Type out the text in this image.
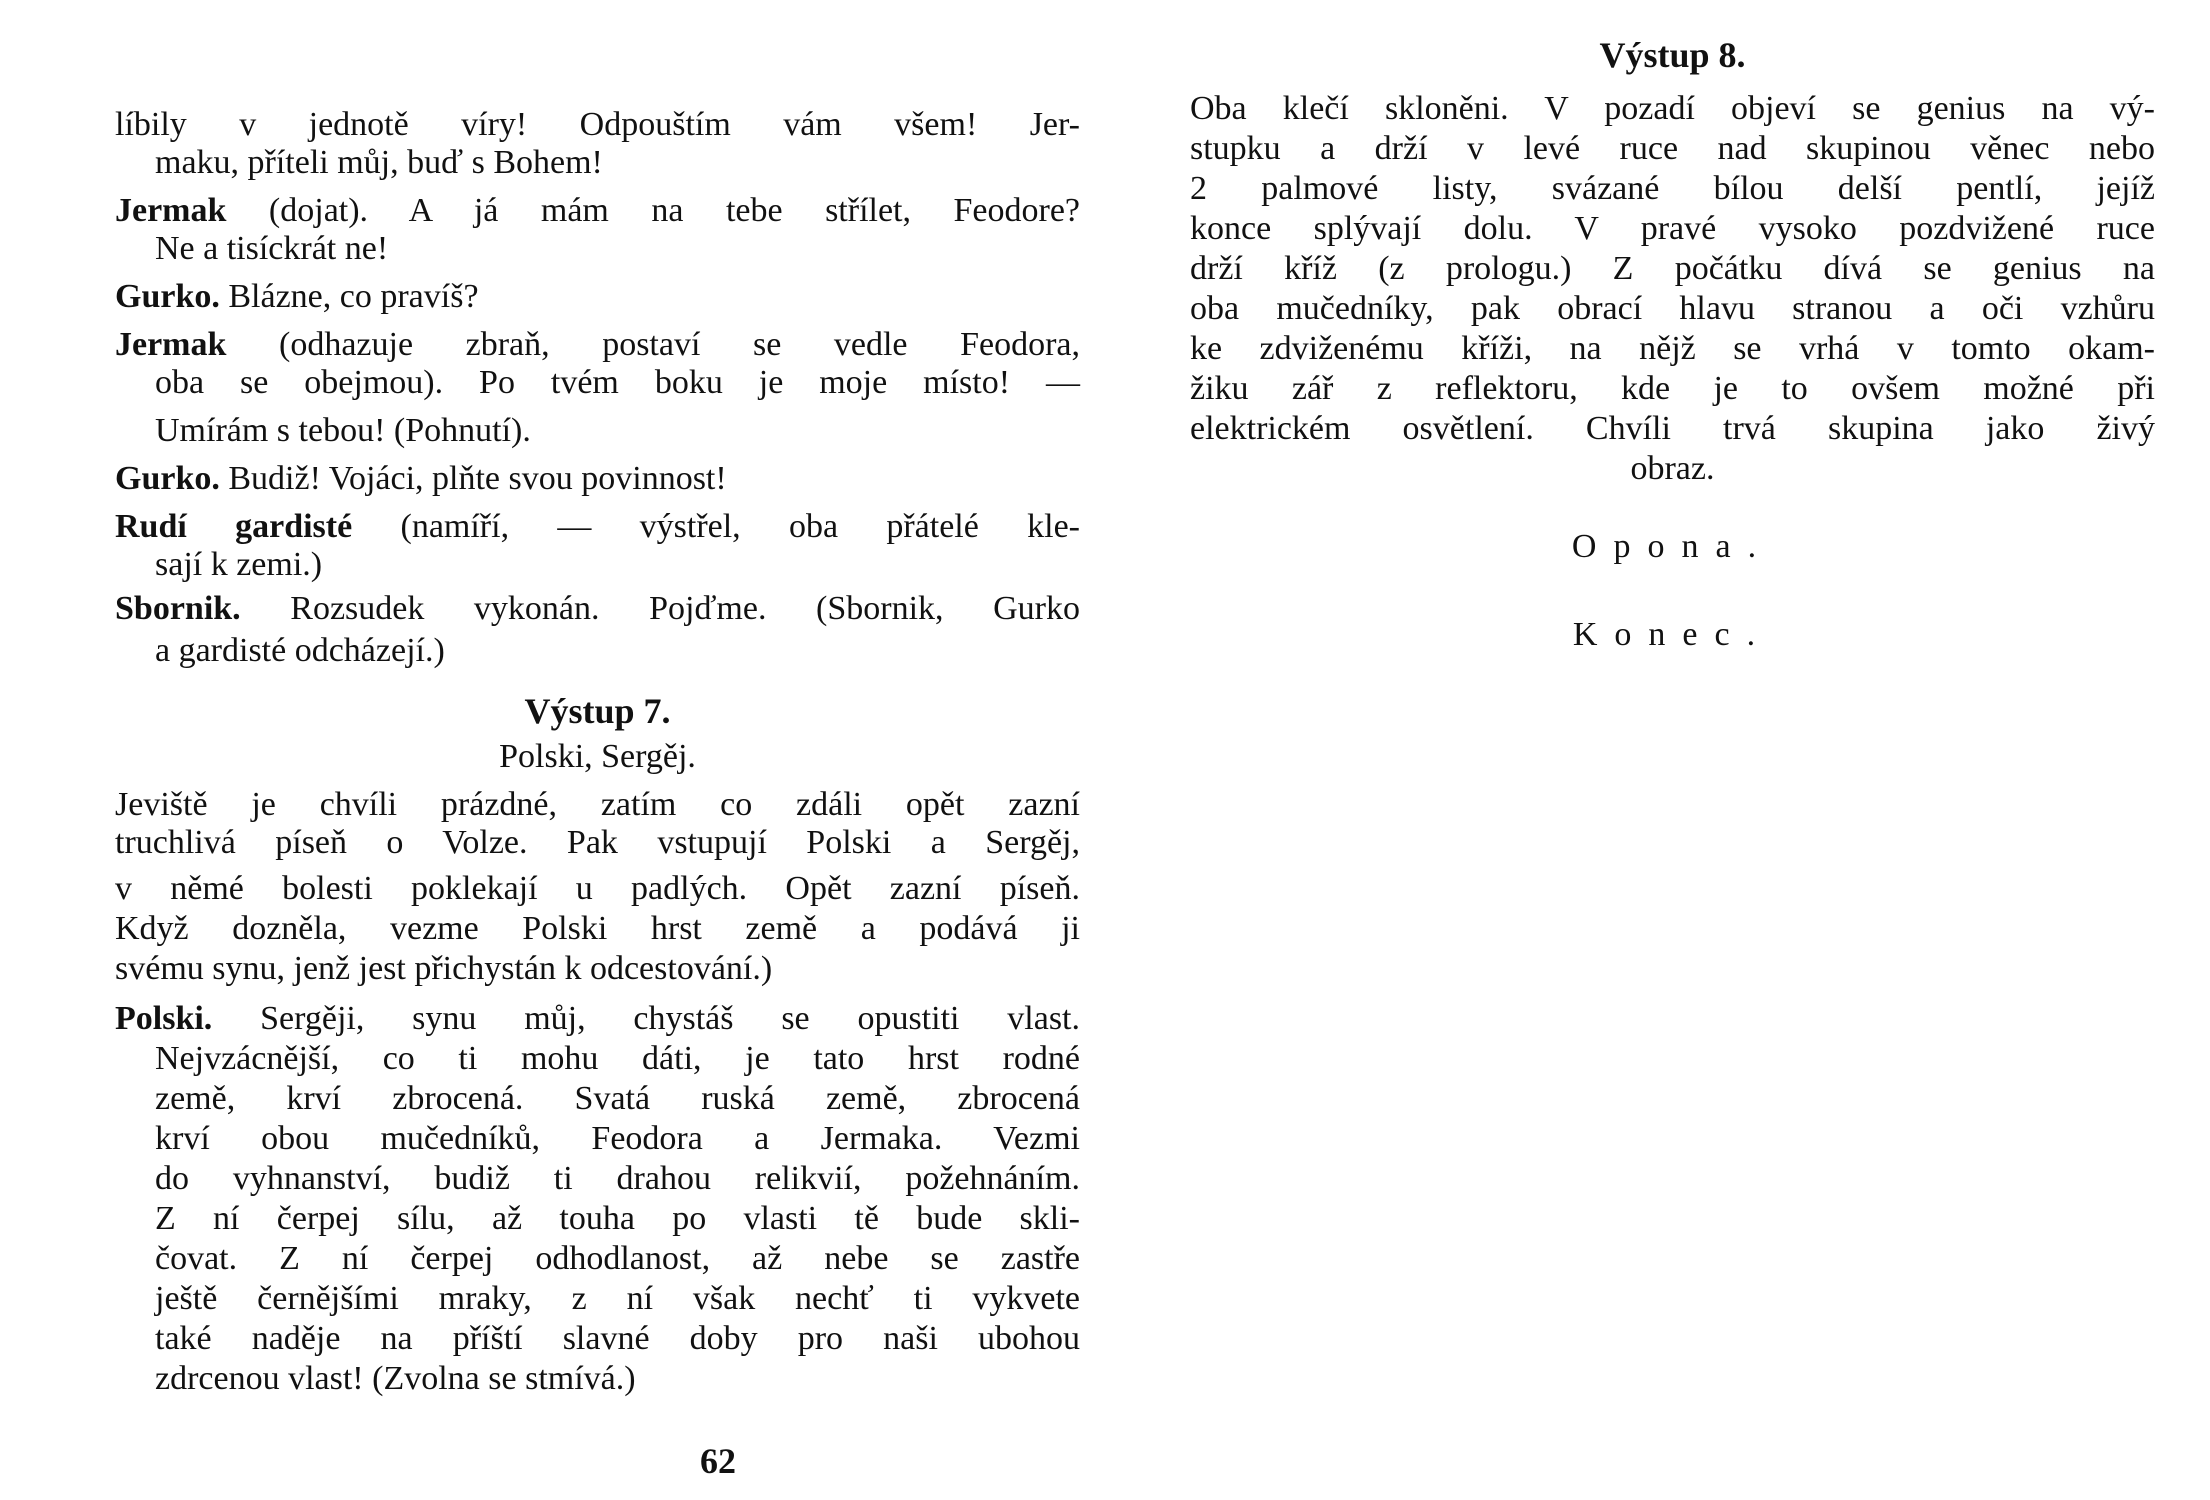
líbily v jednotě víry! Odpouštím vám všem! Jer-
maku, příteli můj, buď s Bohem!
Jermak (dojat). A já mám na tebe střílet, Feodore?
Ne a tisíckrát ne!
Gurko. Blázne, co pravíš?
Jermak (odhazuje zbraň, postaví se vedle Feodora,
oba se obejmou). Po tvém boku je moje místo! —
Umírám s tebou! (Pohnutí).
Gurko. Budiž! Vojáci, plňte svou povinnost!
Rudí gardisté (namíří, — výstřel, oba přátelé kle-
sají k zemi.)
Sbornik. Rozsudek vykonán. Pojďme. (Sbornik, Gurko
a gardisté odcházejí.)
Výstup 7.
Polski, Sergěj.
Jeviště je chvíli prázdné, zatím co zdáli opět zazní
truchlivá píseň o Volze. Pak vstupují Polski a Sergěj,
v němé bolesti poklekají u padlých. Opět zazní píseň.
Když dozněla, vezme Polski hrst země a podává ji
svému synu, jenž jest přichystán k odcestování.)
Polski. Sergěji, synu můj, chystáš se opustiti vlast.
Nejvzácnější, co ti mohu dáti, je tato hrst rodné
země, krví zbrocená. Svatá ruská země, zbrocená
krví obou mučedníků, Feodora a Jermaka. Vezmi
do vyhnanství, budiž ti drahou relikvií, požehnáním.
Z ní čerpej sílu, až touha po vlasti tě bude skli-
čovat. Z ní čerpej odhodlanost, až nebe se zastře
ještě černějšími mraky, z ní však nechť ti vykvete
také naděje na příští slavné doby pro naši ubohou
zdrcenou vlast! (Zvolna se stmívá.)
62
Výstup 8.
Oba klečí skloněni. V pozadí objeví se genius na vý-
stupku a drží v levé ruce nad skupinou věnec nebo
2 palmové listy, svázané bílou delší pentlí, jejíž
konce splývají dolu. V pravé vysoko pozdvižené ruce
drží kříž (z prologu.) Z počátku dívá se genius na
oba mučedníky, pak obrací hlavu stranou a oči vzhůru
ke zdviženému kříži, na nějž se vrhá v tomto okam-
žiku zář z reflektoru, kde je to ovšem možné při
elektrickém osvětlení. Chvíli trvá skupina jako živý
obraz.
Opona.
Konec.
